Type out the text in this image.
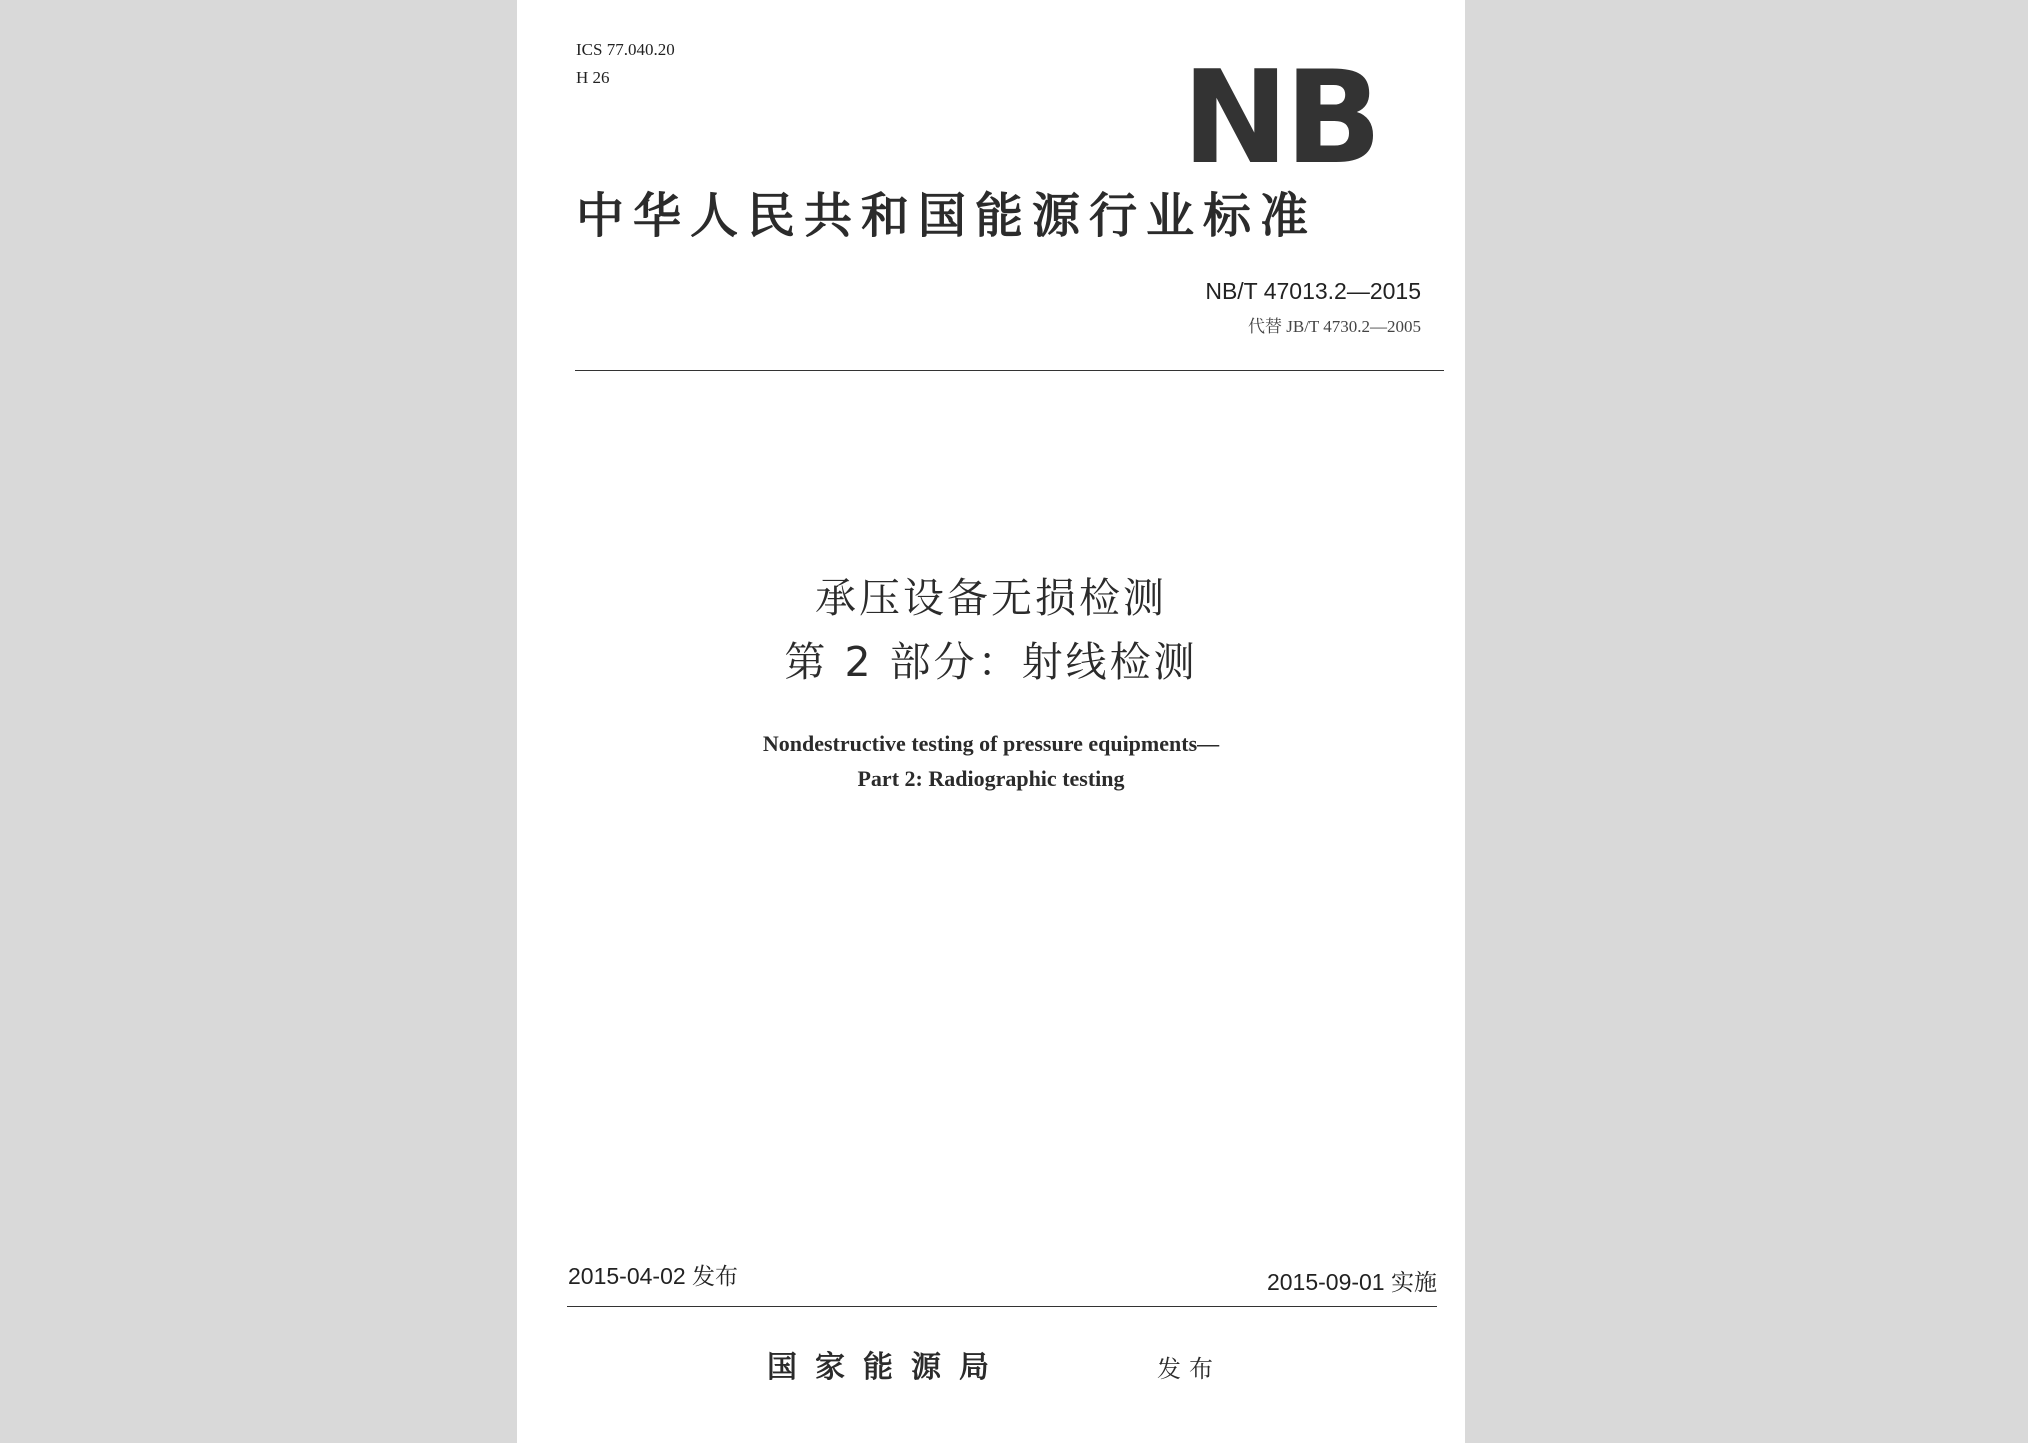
ICS 77.040.20
H 26	NB
中华人民共和国能源行业标准
NB/T 47013.2—2015
代替 JB/T 4730.2—2005
承压设备无损检测
第 2 部分：射线检测
Nondestructive testing of pressure equipments—
Part 2: Radiographic testing
2015-04-02 发布	2015-09-01 实施
国家能源局	发布
